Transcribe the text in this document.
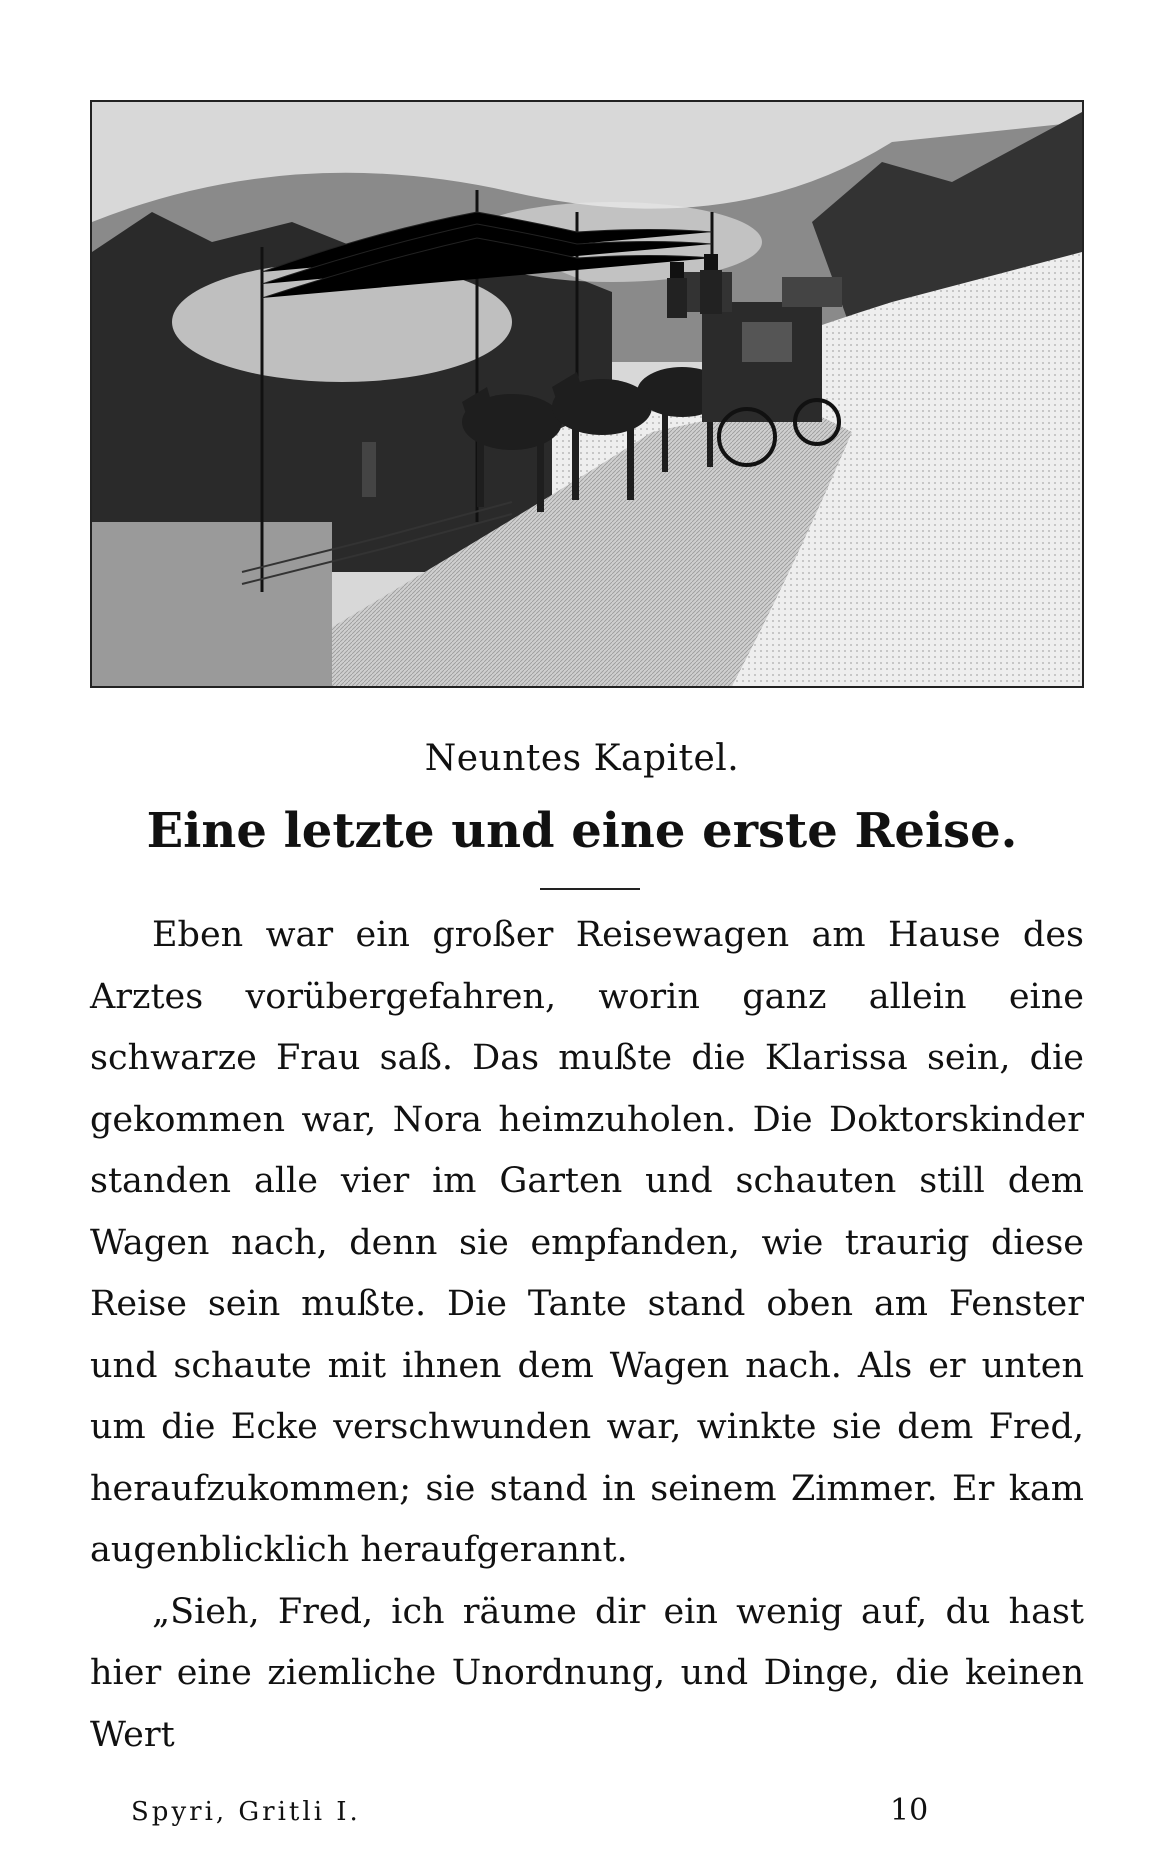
Neuntes Kapitel.
Eine letzte und eine erste Reise.

Eben war ein großer Reisewagen am Hause des Arztes vorübergefahren, worin ganz allein eine schwarze Frau saß. Das mußte die Klarissa sein, die gekommen war, Nora heimzuholen. Die Doktorskinder standen alle vier im Garten und schauten still dem Wagen nach, denn sie empfanden, wie traurig diese Reise sein mußte. Die Tante stand oben am Fenster und schaute mit ihnen dem Wagen nach. Als er unten um die Ecke verschwunden war, winkte sie dem Fred, heraufzukommen; sie stand in seinem Zimmer. Er kam augenblicklich heraufgerannt.

„Sieh, Fred, ich räume dir ein wenig auf, du hast hier eine ziemliche Unordnung, und Dinge, die keinen Wert

Spyri, Gritli I.	10
